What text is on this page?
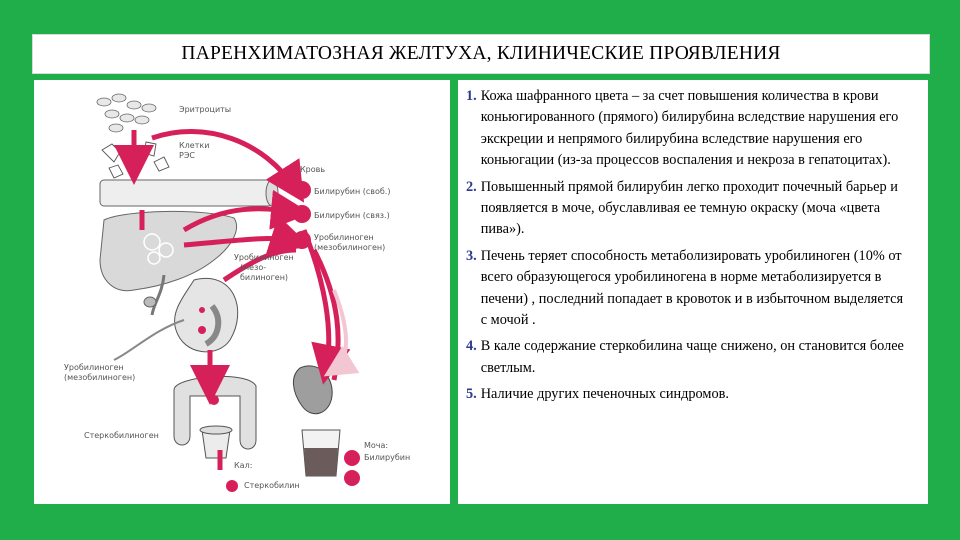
ПАРЕНХИМАТОЗНАЯ ЖЕЛТУХА, КЛИНИЧЕСКИЕ ПРОЯВЛЕНИЯ
Эритроциты
Клетки
РЭС
Кровь
Билирубин (своб.)
Билирубин (связ.)
Уробилиноген
(мезобилиноген)
Уробилиноген
(мезо-
билиноген)
Уробилиноген
(мезобилиноген)
Стеркобилиноген
Моча:
Билирубин
Кал:
Стеркобилин
1. Кожа шафранного цвета – за счет повышения количества в крови коньюгированного (прямого) билирубина вследствие нарушения его экскреции и непрямого билирубина вследствие нарушения его коньюгации (из-за процессов воспаления и некроза в гепатоцитах).
2. Повышенный прямой билирубин легко проходит почечный барьер и появляется в моче, обуславливая ее темную окраску (моча «цвета пива»).
3. Печень теряет способность метаболизировать уробилиноген (10% от всего образующегося уробилиногена в норме метаболизируется в печени) , последний попадает в кровоток и в избыточном выделяется с мочой .
4. В кале содержание стеркобилина чаще снижено, он становится более светлым.
5. Наличие других печеночных синдромов.
